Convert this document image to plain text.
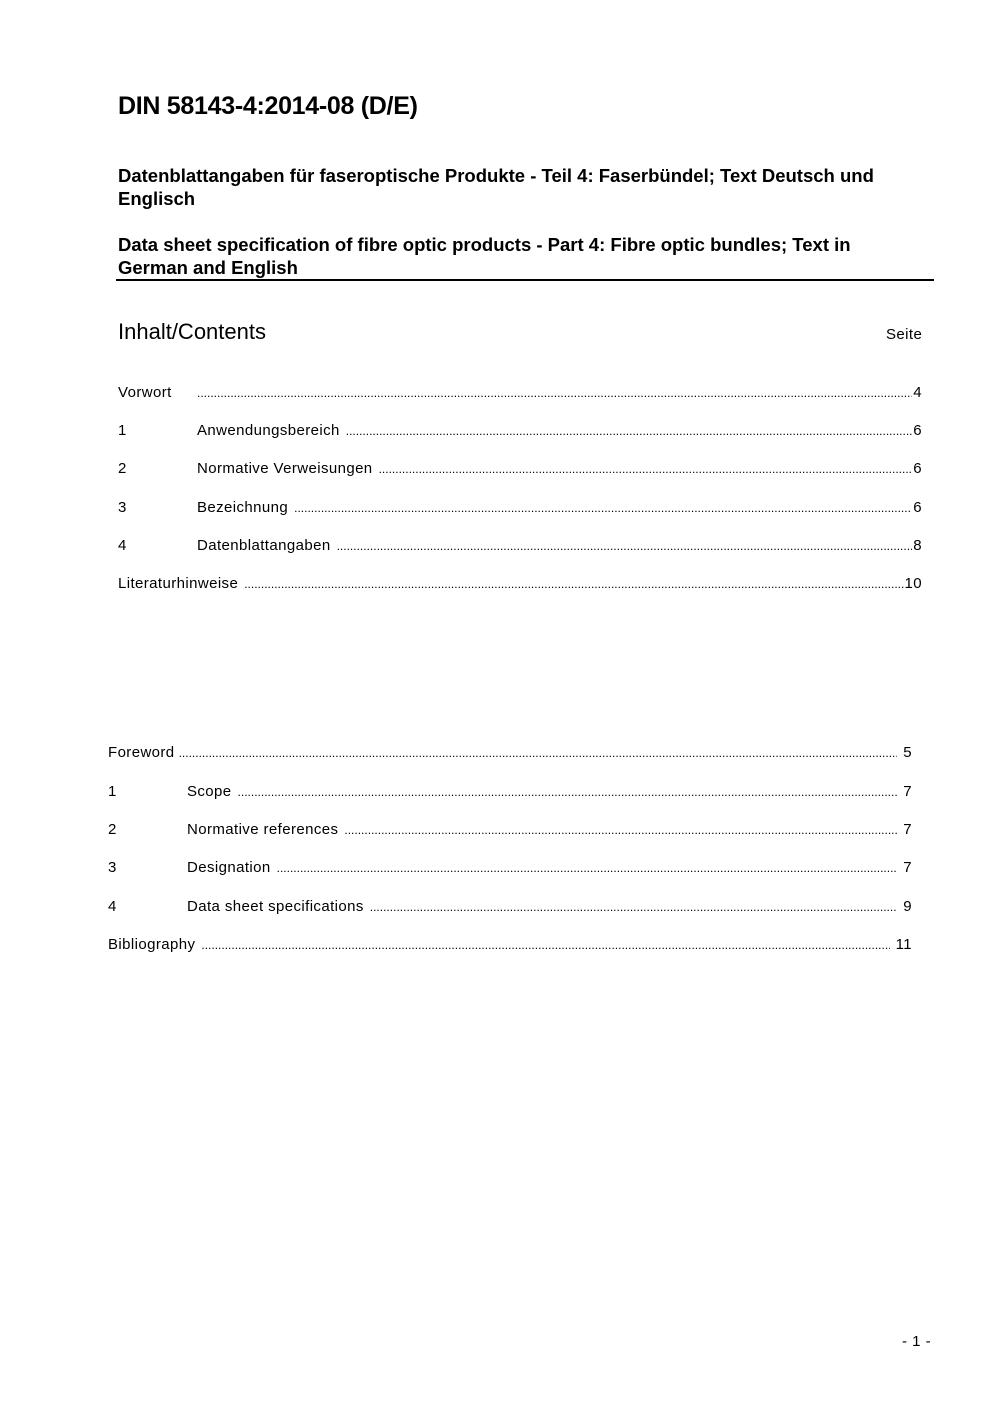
DIN 58143-4:2014-08 (D/E)
Datenblattangaben für faseroptische Produkte - Teil 4: Faserbündel; Text Deutsch und Englisch
Data sheet specification of fibre optic products - Part 4: Fibre optic bundles; Text in German and English
Inhalt/Contents	Seite
Vorwort .....	4
1	Anwendungsbereich .....	6
2	Normative Verweisungen .....	6
3	Bezeichnung .....	6
4	Datenblattangaben .....	8
Literaturhinweise .....	10
Foreword .....	5
1	Scope .....	7
2	Normative references .....	7
3	Designation .....	7
4	Data sheet specifications .....	9
Bibliography .....	11
- 1 -
